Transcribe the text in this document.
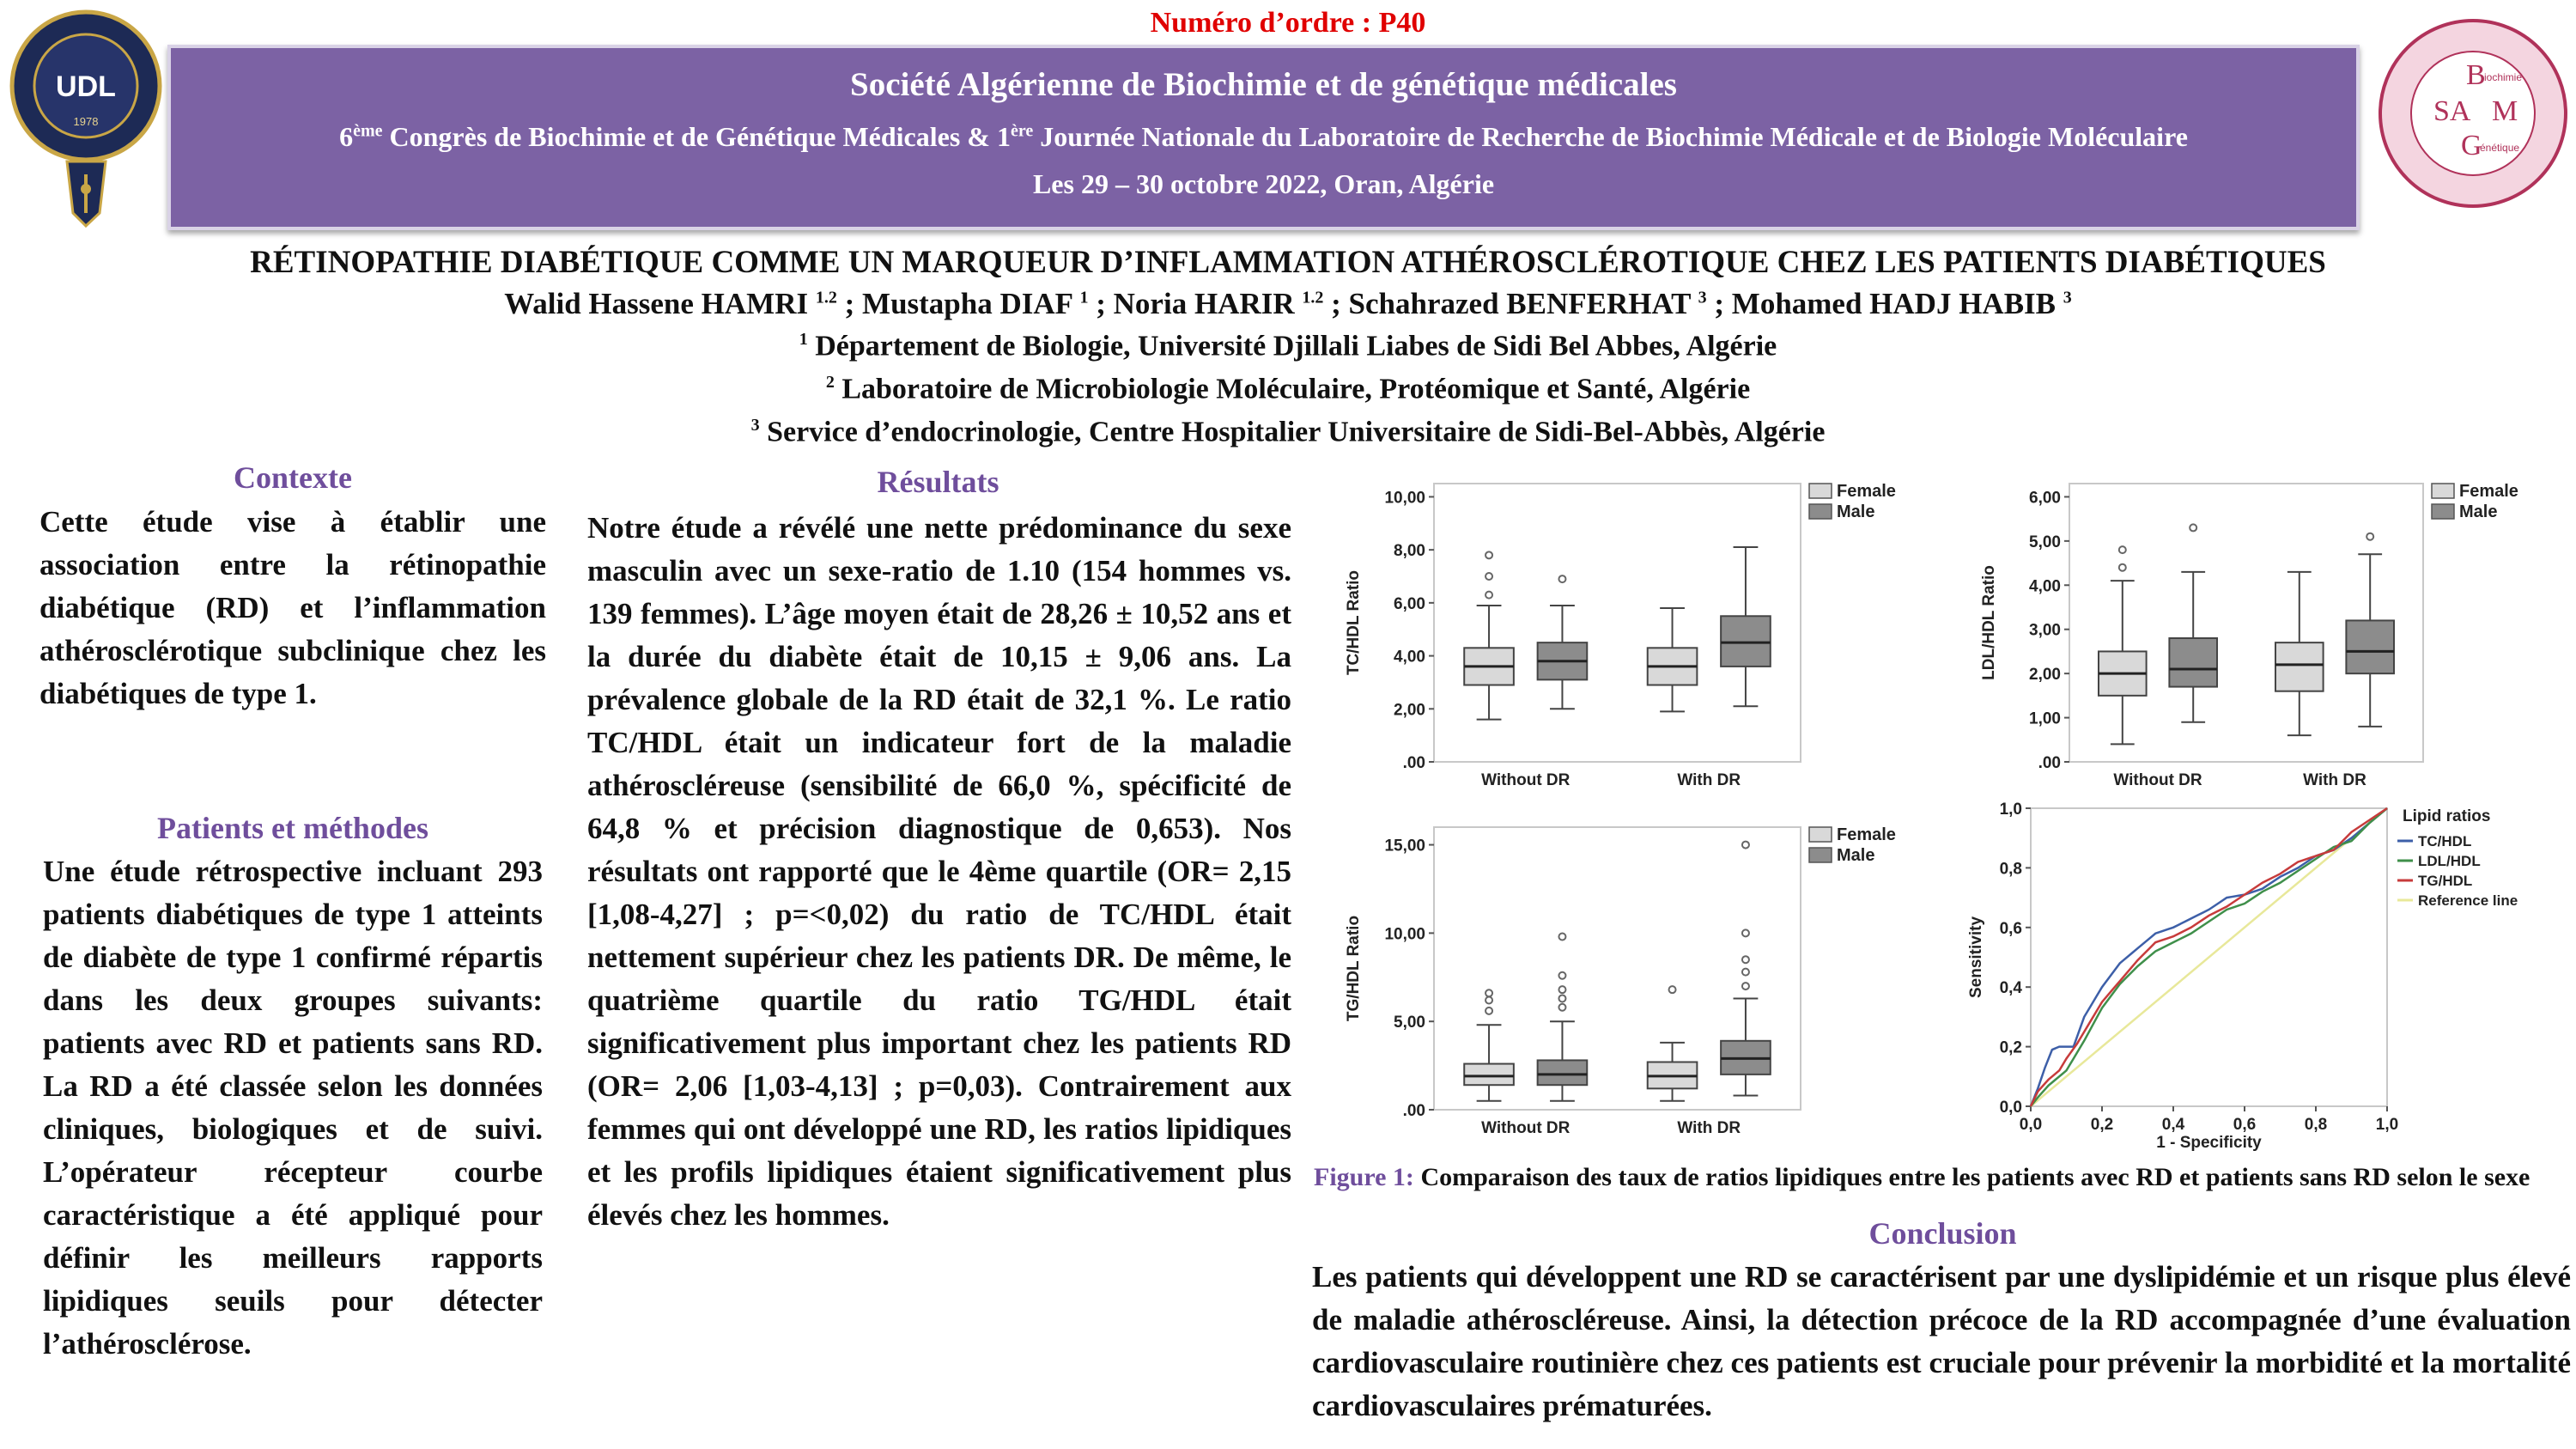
Numéro d’ordre : P40
UDL
1978
B
iochimie
SA M
G
énétique
Société Algérienne de Biochimie et de génétique médicales
6ème Congrès de Biochimie et de Génétique Médicales & 1ère Journée Nationale du Laboratoire de Recherche de Biochimie Médicale et de Biologie Moléculaire
Les 29 – 30 octobre 2022, Oran, Algérie
RÉTINOPATHIE DIABÉTIQUE COMME UN MARQUEUR D’INFLAMMATION ATHÉROSCLÉROTIQUE CHEZ LES PATIENTS DIABÉTIQUES
Walid Hassene HAMRI $^{1.2}$ ; Mustapha DIAF $^1$ ; Noria HARIR $^{1.2}$ ; Schahrazed BENFERHAT $^3$ ; Mohamed HADJ HABIB $^3$
$^1$ Département de Biologie, Université Djillali Liabes de Sidi Bel Abbes, Algérie
$^2$ Laboratoire de Microbiologie Moléculaire, Protéomique et Santé, Algérie
$^3$ Service d’endocrinologie, Centre Hospitalier Universitaire de Sidi-Bel-Abbès, Algérie
Contexte
Cette étude vise à établir une association entre la rétinopathie diabétique (RD) et l’inflammation athérosclérotique subclinique chez les diabétiques de type 1.
Patients et méthodes
Une étude rétrospective incluant 293 patients diabétiques de type 1 atteints de diabète de type 1 confirmé répartis dans les deux groupes suivants: patients avec RD et patients sans RD. La RD a été classée selon les données cliniques, biologiques et de suivi. L’opérateur récepteur courbe caractéristique a été appliqué pour définir les meilleurs rapports lipidiques seuils pour détecter l’athérosclérose.
Résultats
Notre étude a révélé une nette prédominance du sexe masculin avec un sexe-ratio de 1.10 (154 hommes vs. 139 femmes). L’âge moyen était de 28,26 ± 10,52 ans et la durée du diabète était de 10,15 ± 9,06 ans. La prévalence globale de la RD était de 32,1 %. Le ratio TC/HDL était un indicateur fort de la maladie athéroscléreuse (sensibilité de 66,0 %, spécificité de 64,8 % et précision diagnostique de 0,653). Nos résultats ont rapporté que le 4ème quartile (OR= 2,15 [1,08-4,27] ; p=<0,02) du ratio de TC/HDL était nettement supérieur chez les patients DR. De même, le quatrième quartile du ratio TG/HDL était significativement plus important chez les patients RD (OR= 2,06 [1,03-4,13] ; p=0,03). Contrairement aux femmes qui ont développé une RD, les ratios lipidiques et les profils lipidiques étaient significativement plus élevés chez les hommes.
.00
2,00
4,00
6,00
8,00
10,00
TC/HDL Ratio
Without DR	With DR
Female
Male
.00
1,00
2,00
3,00
4,00
5,00
6,00
LDL/HDL Ratio
Without DR	With DR
Female
Male
.00
5,00
10,00
15,00
TG/HDL Ratio
Without DR	With DR
Female
Male
0,0
0,0
0,2
0,2
0,4
0,4
0,6
0,6
0,8
0,8
1,0
1,0
1 - Specificity
Sensitivity
Lipid ratios
TC/HDL
LDL/HDL
TG/HDL
Reference line
Figure 1: Comparaison des taux de ratios lipidiques entre les patients avec RD et patients sans RD selon le sexe
Conclusion
Les patients qui développent une RD se caractérisent par une dyslipidémie et un risque plus élevé de maladie athéroscléreuse. Ainsi, la détection précoce de la RD accompagnée d’une évaluation cardiovasculaire routinière chez ces patients est cruciale pour prévenir la morbidité et la mortalité cardiovasculaires prématurées.
